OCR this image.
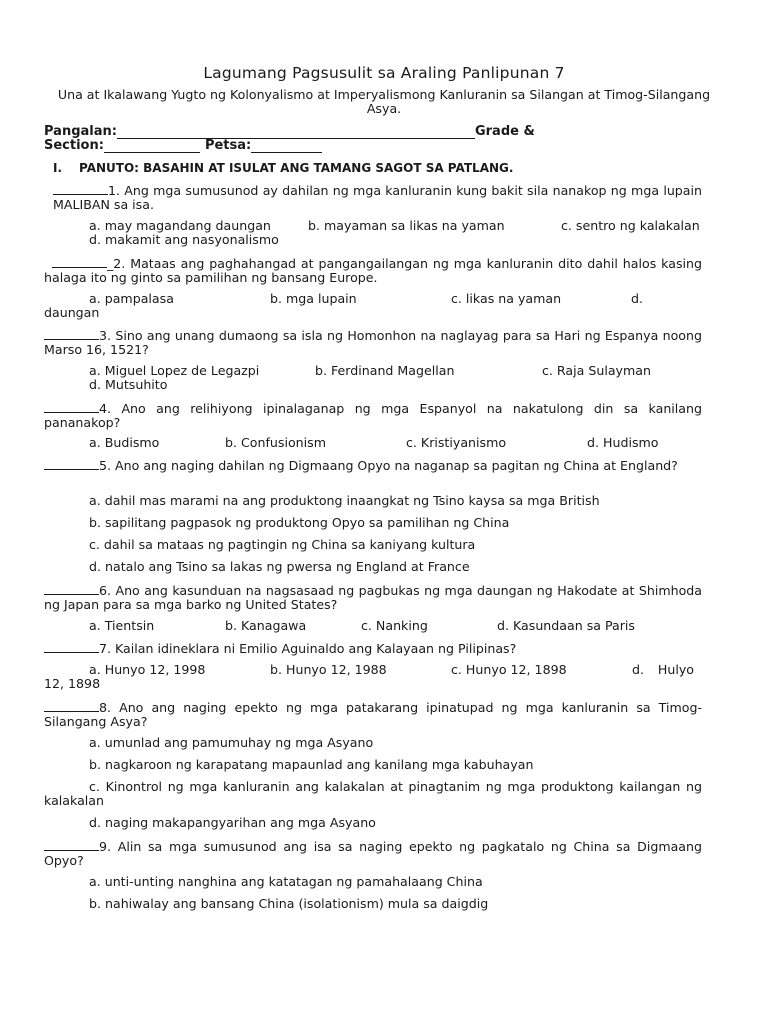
Lagumang Pagsusulit sa Araling Panlipunan 7
Una at Ikalawang Yugto ng Kolonyalismo at Imperyalismong Kanluranin sa Silangan at Timog-Silangang Asya.
Pangalan:	Grade &
Section:	Petsa:
I. PANUTO: BASAHIN AT ISULAT ANG TAMANG SAGOT SA PATLANG.
1. Ang mga sumusunod ay dahilan ng mga kanluranin kung bakit sila nanakop ng mga lupain MALIBAN sa isa.
a. may magandang daungan	b. mayaman sa likas na yaman	c. sentro ng kalakalan
d. makamit ang nasyonalismo
_2. Mataas ang paghahangad at pangangailangan ng mga kanluranin dito dahil halos kasing halaga ito ng ginto sa pamilihan ng bansang Europe.
a. pampalasa	b. mga lupain	c. likas na yaman	d.
daungan
3. Sino ang unang dumaong sa isla ng Homonhon na naglayag para sa Hari ng Espanya noong Marso 16, 1521?
a. Miguel Lopez de Legazpi	b. Ferdinand Magellan	c. Raja Sulayman
d. Mutsuhito
4. Ano ang relihiyong ipinalaganap ng mga Espanyol na nakatulong din sa kanilang pananakop?
a. Budismo	b. Confusionism	c. Kristiyanismo	d. Hudismo
5. Ano ang naging dahilan ng Digmaang Opyo na naganap sa pagitan ng China at England?
a. dahil mas marami na ang produktong inaangkat ng Tsino kaysa sa mga British
b. sapilitang pagpasok ng produktong Opyo sa pamilihan ng China
c. dahil sa mataas ng pagtingin ng China sa kaniyang kultura
d. natalo ang Tsino sa lakas ng pwersa ng England at France
6. Ano ang kasunduan na nagsasaad ng pagbukas ng mga daungan ng Hakodate at Shimhoda ng Japan para sa mga barko ng United States?
a. Tientsin	b. Kanagawa	c. Nanking	d. Kasundaan sa Paris
7. Kailan idineklara ni Emilio Aguinaldo ang Kalayaan ng Pilipinas?
a. Hunyo 12, 1998	b. Hunyo 12, 1988	c. Hunyo 12, 1898	d. Hulyo
12, 1898
8. Ano ang naging epekto ng mga patakarang ipinatupad ng mga kanluranin sa Timog-Silangang Asya?
a. umunlad ang pamumuhay ng mga Asyano
b. nagkaroon ng karapatang mapaunlad ang kanilang mga kabuhayan
c. Kinontrol ng mga kanluranin ang kalakalan at pinagtanim ng mga produktong kailangan ng kalakalan
d. naging makapangyarihan ang mga Asyano
9. Alin sa mga sumusunod ang isa sa naging epekto ng pagkatalo ng China sa Digmaang Opyo?
a. unti-unting nanghina ang katatagan ng pamahalaang China
b. nahiwalay ang bansang China (isolationism) mula sa daigdig
